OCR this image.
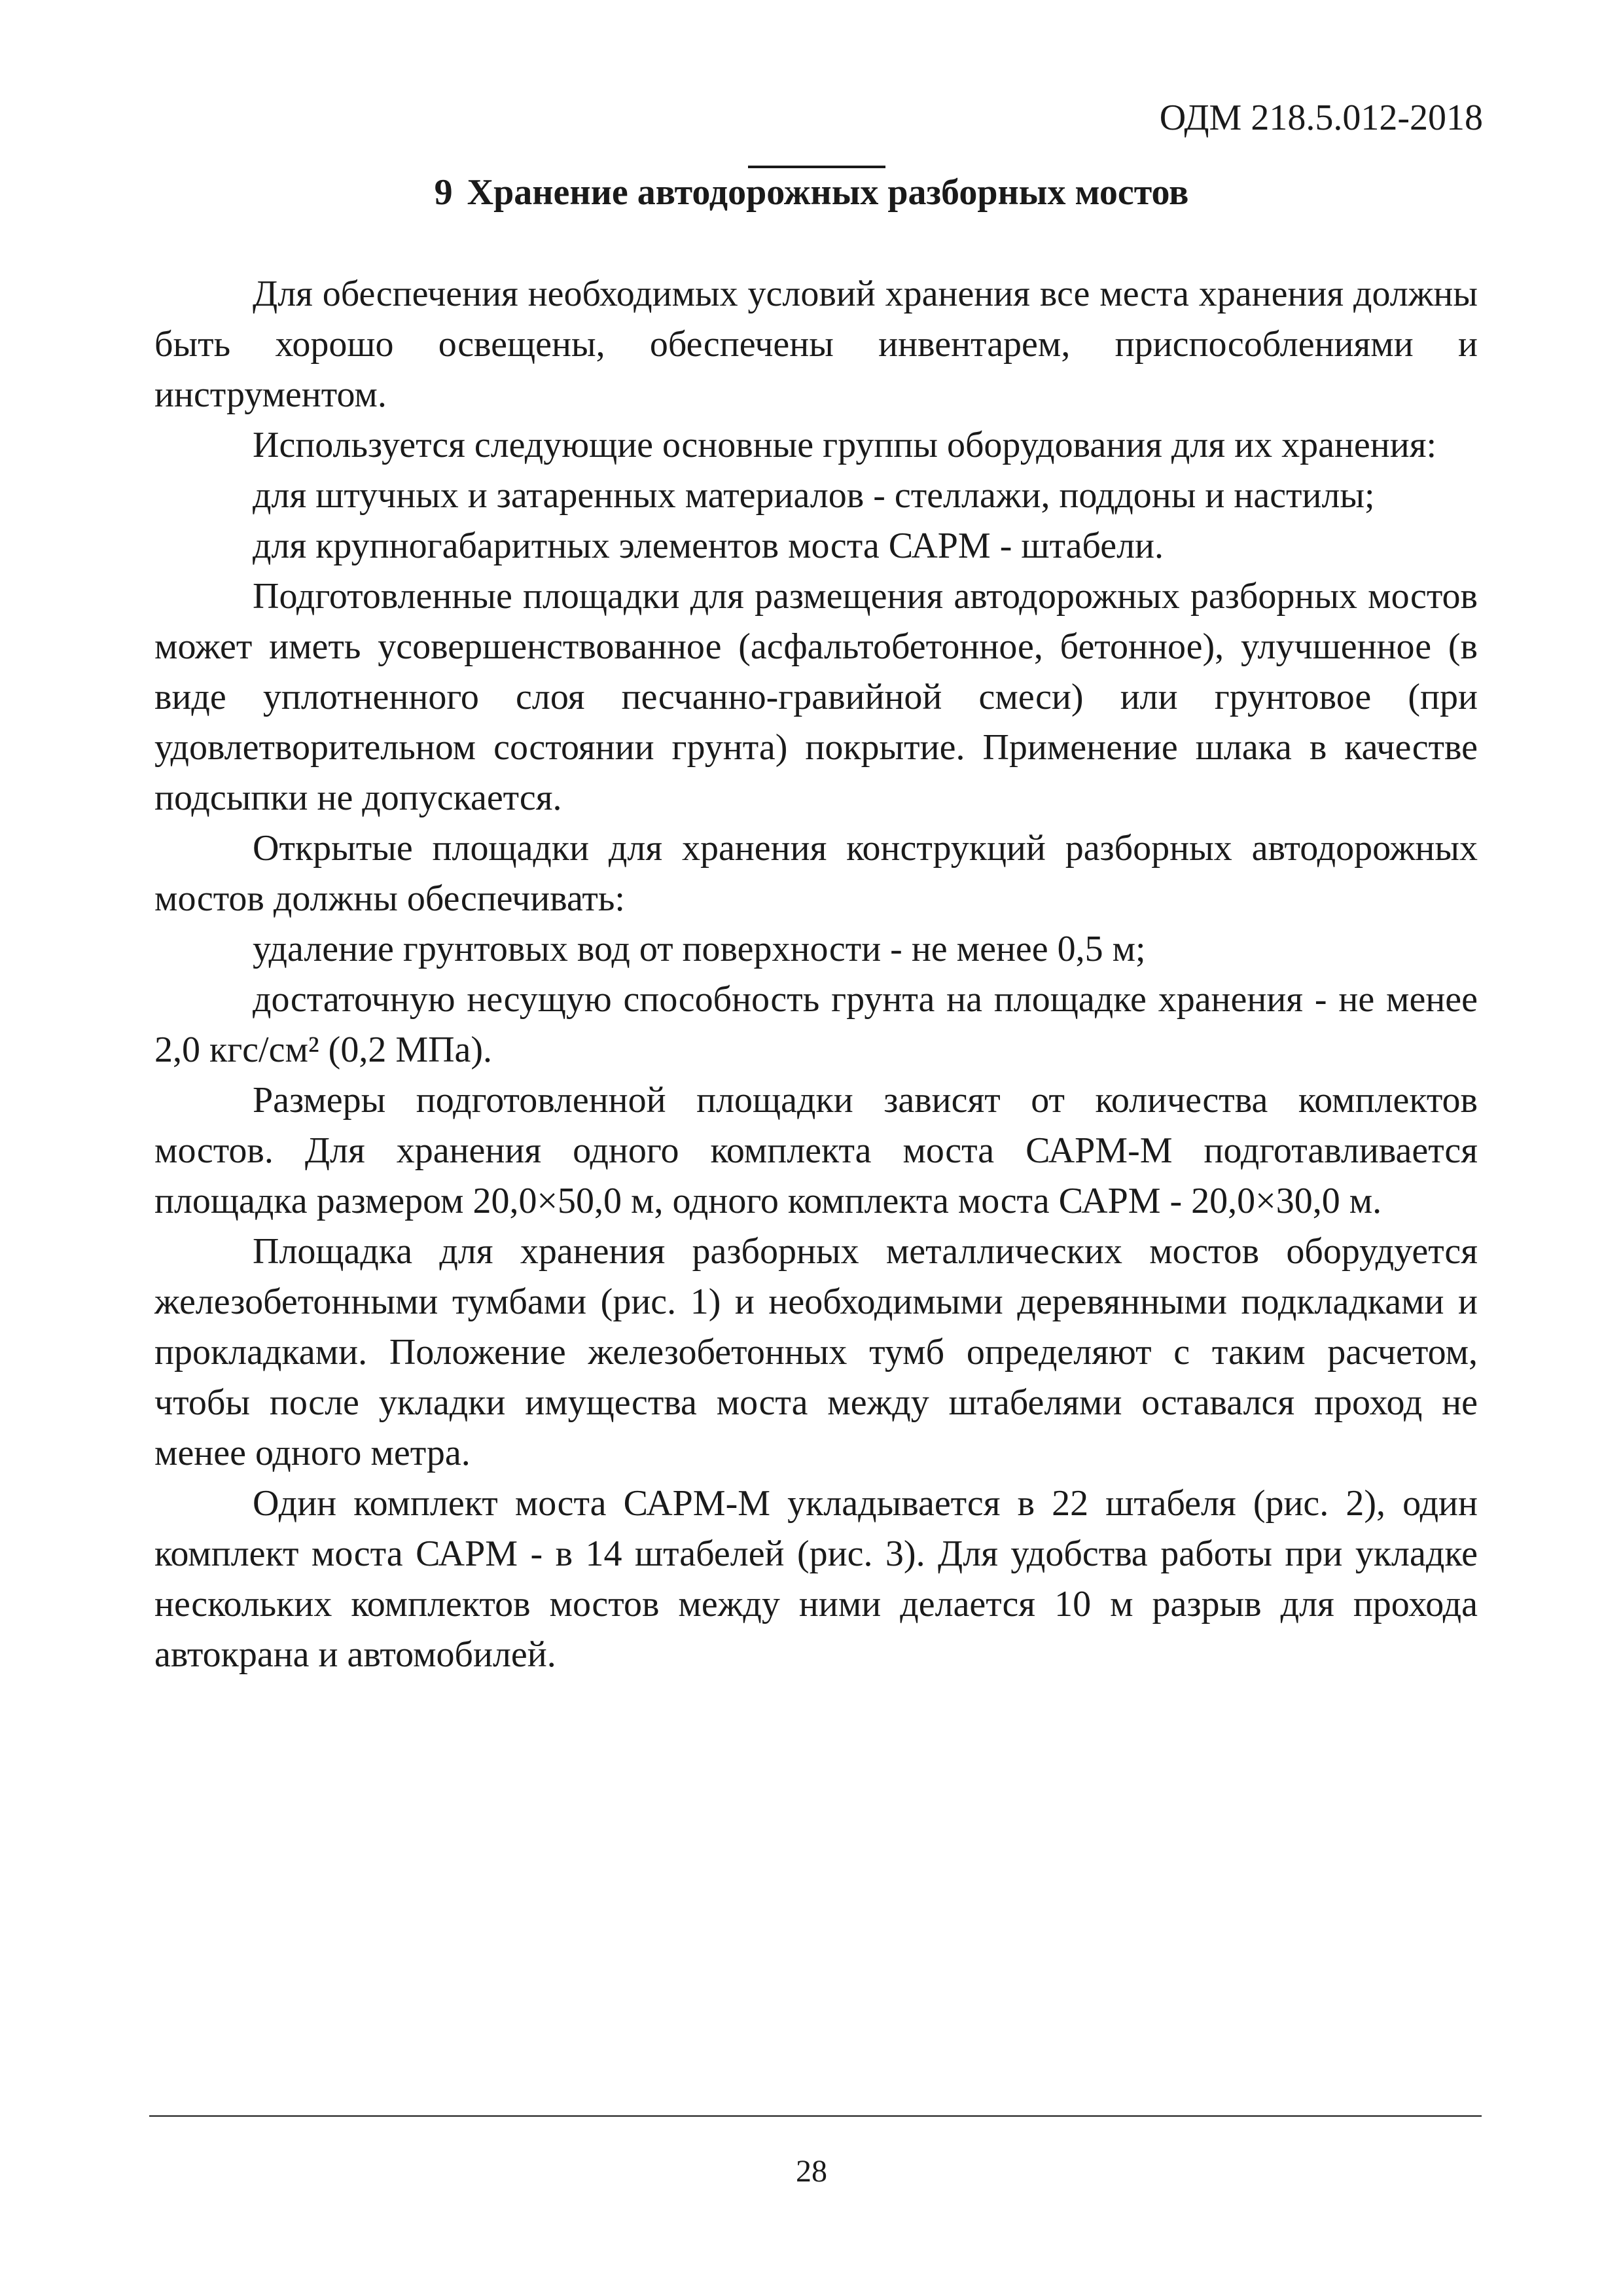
ОДМ 218.5.012-2018
9 Хранение автодорожных разборных мостов

Для обеспечения необходимых условий хранения все места хранения должны быть хорошо освещены, обеспечены инвентарем, приспособлениями и инструментом.

Используется следующие основные группы оборудования для их хранения:

для штучных и затаренных материалов - стеллажи, поддоны и настилы;

для крупногабаритных элементов моста САРМ - штабели.

Подготовленные площадки для размещения автодорожных разборных мостов может иметь усовершенствованное (асфальтобетонное, бетонное), улучшенное (в виде уплотненного слоя песчанно-гравийной смеси) или грунтовое (при удовлетворительном состоянии грунта) покрытие. Применение шлака в качестве подсыпки не допускается.

Открытые площадки для хранения конструкций разборных автодорожных мостов должны обеспечивать:

удаление грунтовых вод от поверхности - не менее 0,5 м;

достаточную несущую способность грунта на площадке хранения - не менее 2,0 кгс/см² (0,2 МПа).

Размеры подготовленной площадки зависят от количества комплектов мостов. Для хранения одного комплекта моста САРМ-М подготавливается площадка размером 20,0×50,0 м, одного комплекта моста САРМ - 20,0×30,0 м.

Площадка для хранения разборных металлических мостов оборудуется железобетонными тумбами (рис. 1) и необходимыми деревянными подкладками и прокладками. Положение железобетонных тумб определяют с таким расчетом, чтобы после укладки имущества моста между штабелями оставался проход не менее одного метра.

Один комплект моста САРМ-М укладывается в 22 штабеля (рис. 2), один комплект моста САРМ - в 14 штабелей (рис. 3). Для удобства работы при укладке нескольких комплектов мостов между ними делается 10 м разрыв для прохода автокрана и автомобилей.

28
